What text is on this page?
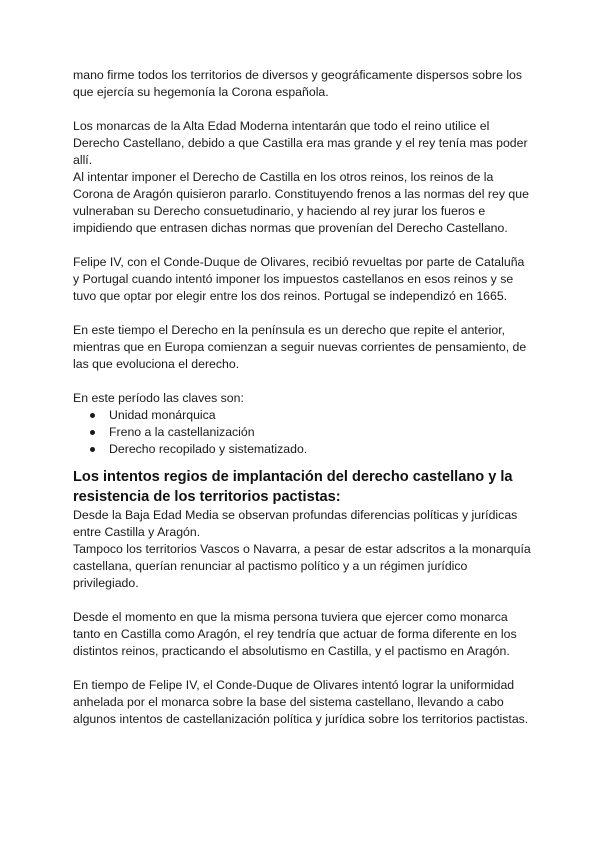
mano firme todos los territorios de diversos y geográficamente dispersos sobre los que ejercía su hegemonía la Corona española.

Los monarcas de la Alta Edad Moderna intentarán que todo el reino utilice el Derecho Castellano, debido a que Castilla era mas grande y el rey tenía mas poder allí.

Al intentar imponer el Derecho de Castilla en los otros reinos, los reinos de la Corona de Aragón quisieron pararlo. Constituyendo frenos a las normas del rey que vulneraban su Derecho consuetudinario, y haciendo al rey jurar los fueros e impidiendo que entrasen dichas normas que provenían del Derecho Castellano.

Felipe IV, con el Conde-Duque de Olivares, recibió revueltas por parte de Cataluña y Portugal cuando intentó imponer los impuestos castellanos en esos reinos y se tuvo que optar por elegir entre los dos reinos. Portugal se independizó en 1665.

En este tiempo el Derecho en la península es un derecho que repite el anterior, mientras que en Europa comienzan a seguir nuevas corrientes de pensamiento, de las que evoluciona el derecho.

En este período las claves son:

Unidad monárquica
Freno a la castellanización
Derecho recopilado y sistematizado.
Los intentos regios de implantación del derecho castellano y la resistencia de los territorios pactistas:

Desde la Baja Edad Media se observan profundas diferencias políticas y jurídicas entre Castilla y Aragón.

Tampoco los territorios Vascos o Navarra, a pesar de estar adscritos a la monarquía castellana, querían renunciar al pactismo político y a un régimen jurídico privilegiado.

Desde el momento en que la misma persona tuviera que ejercer como monarca tanto en Castilla como Aragón, el rey tendría que actuar de forma diferente en los distintos reinos, practicando el absolutismo en Castilla, y el pactismo en Aragón.

En tiempo de Felipe IV, el Conde-Duque de Olivares intentó lograr la uniformidad anhelada por el monarca sobre la base del sistema castellano, llevando a cabo algunos intentos de castellanización política y jurídica sobre los territorios pactistas.
